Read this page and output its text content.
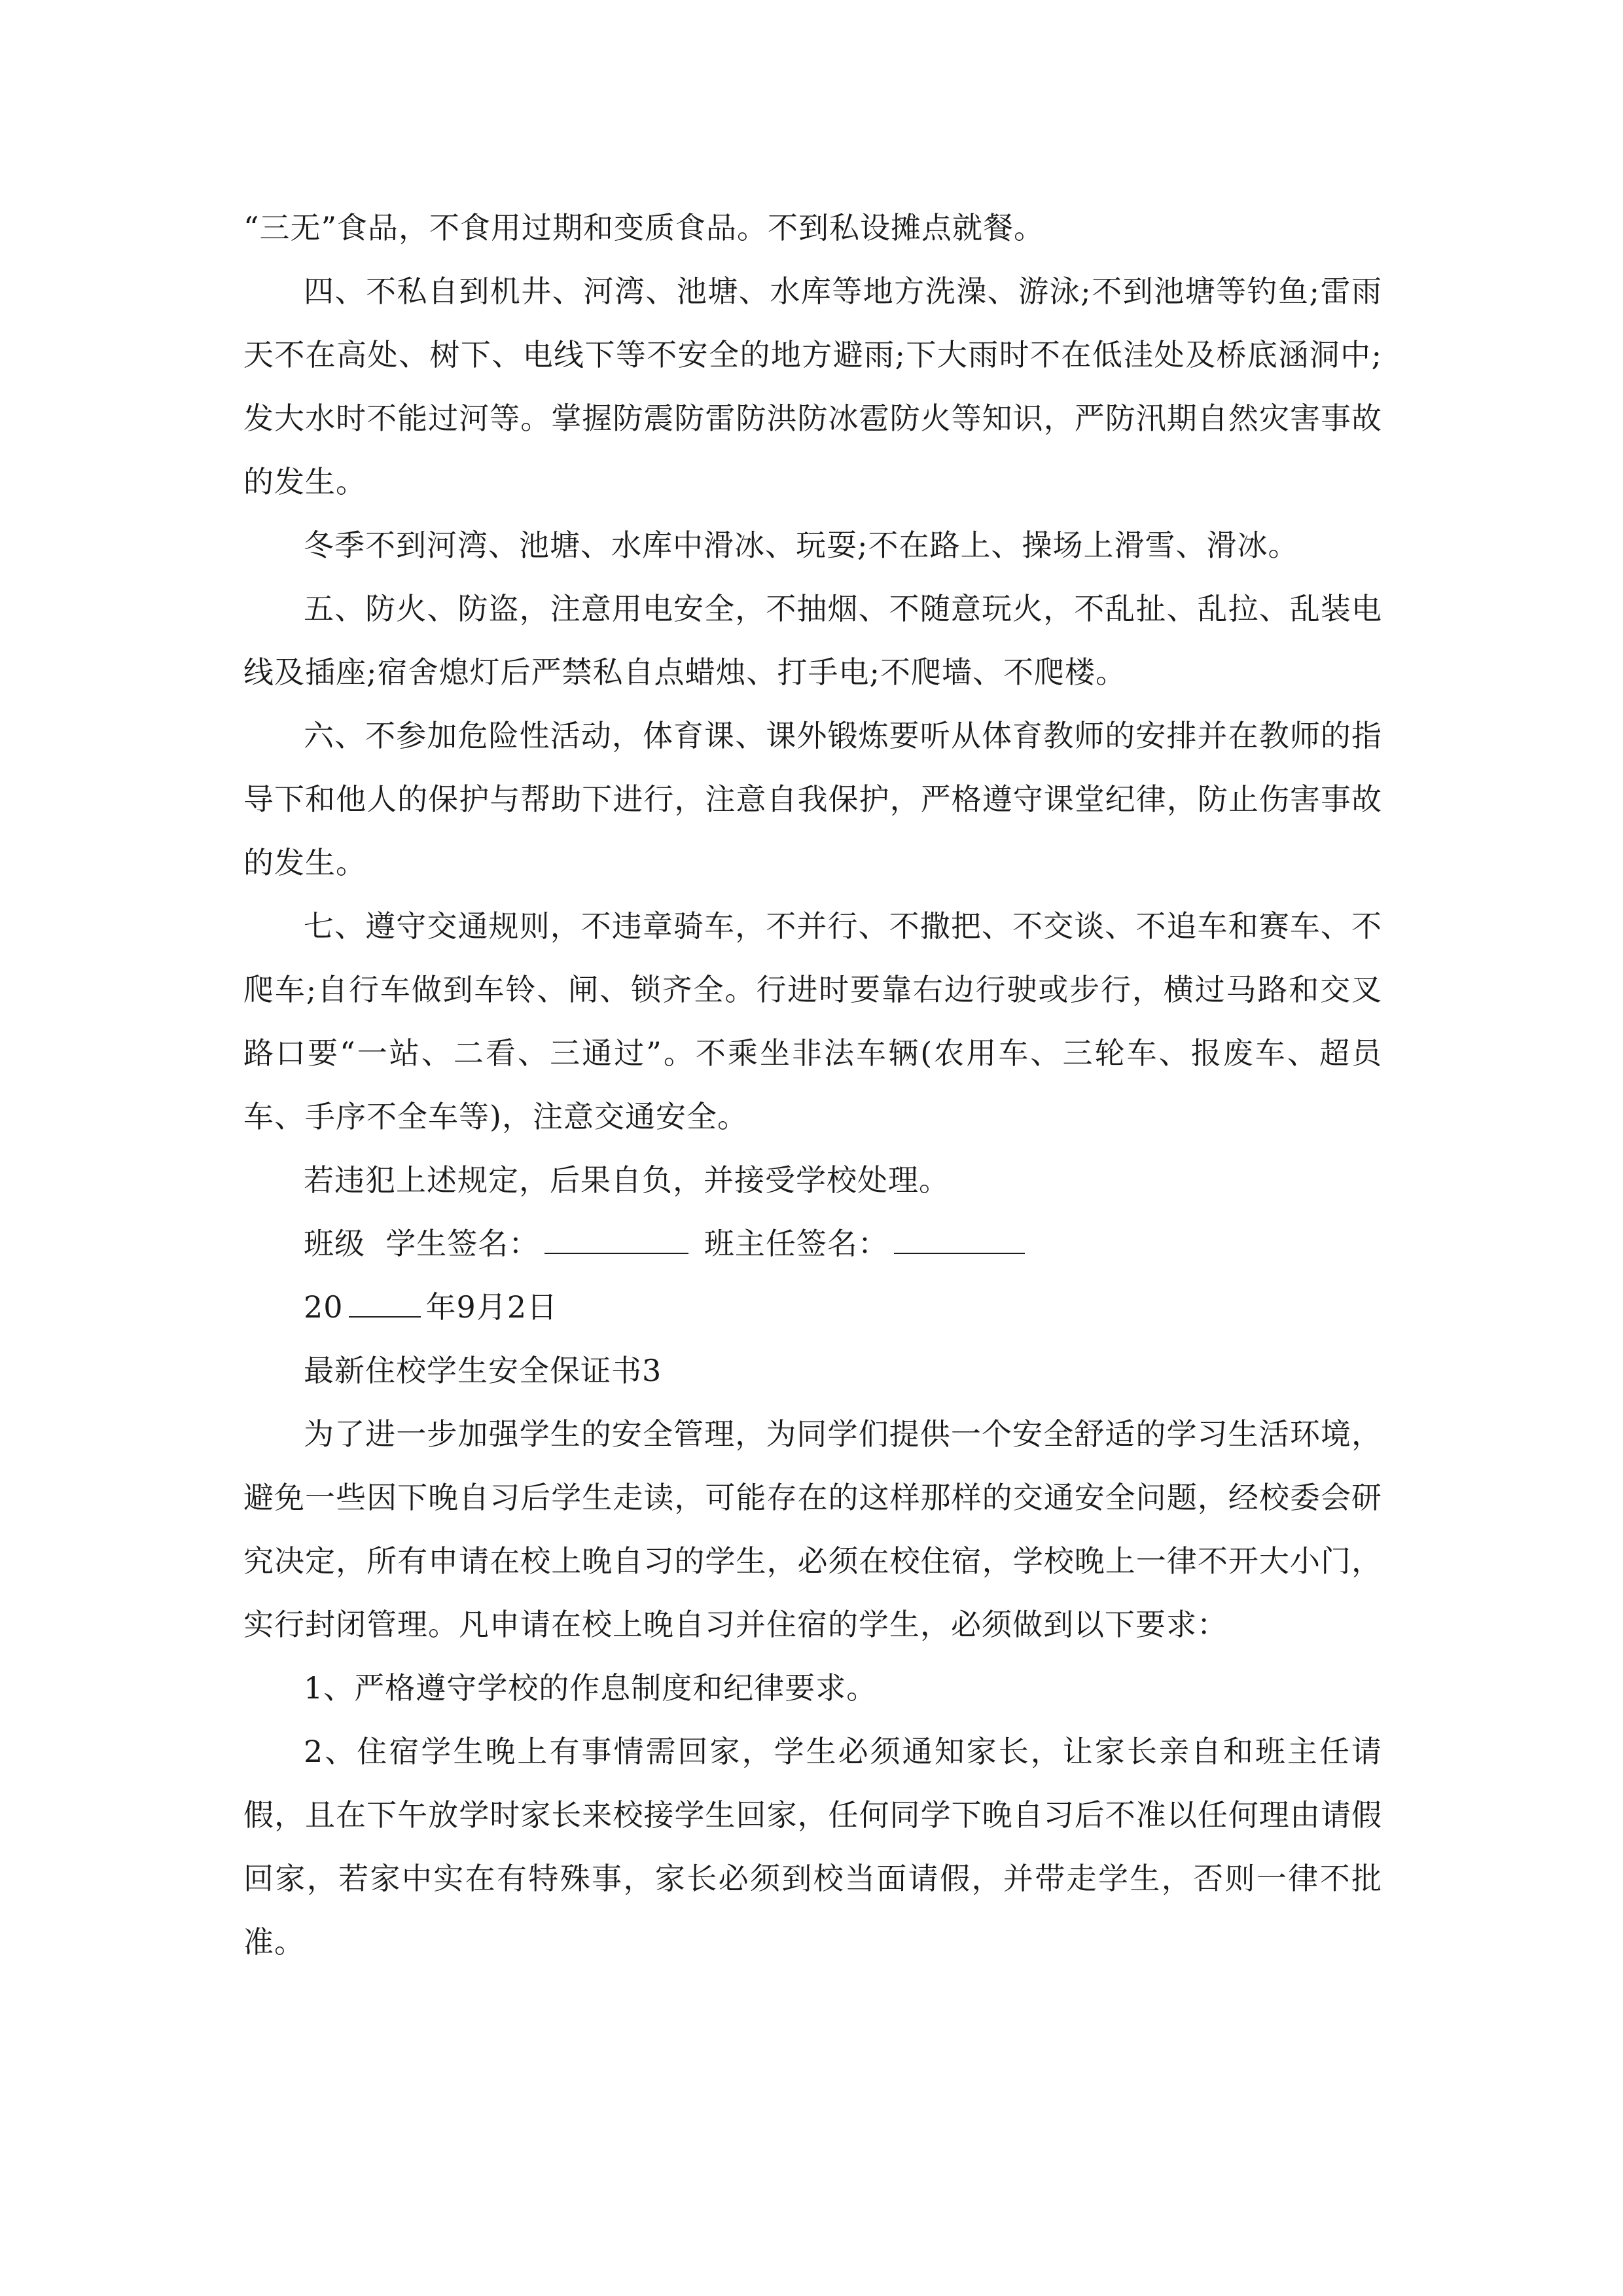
“三无”食品，不食用过期和变质食品。不到私设摊点就餐。

四、不私自到机井、河湾、池塘、水库等地方洗澡、游泳;不到池塘等钓鱼;雷雨天不在高处、树下、电线下等不安全的地方避雨;下大雨时不在低洼处及桥底涵洞中;发大水时不能过河等。掌握防震防雷防洪防冰雹防火等知识，严防汛期自然灾害事故的发生。

冬季不到河湾、池塘、水库中滑冰、玩耍;不在路上、操场上滑雪、滑冰。

五、防火、防盗，注意用电安全，不抽烟、不随意玩火，不乱扯、乱拉、乱装电线及插座;宿舍熄灯后严禁私自点蜡烛、打手电;不爬墙、不爬楼。

六、不参加危险性活动，体育课、课外锻炼要听从体育教师的安排并在教师的指导下和他人的保护与帮助下进行，注意自我保护，严格遵守课堂纪律，防止伤害事故的发生。

七、遵守交通规则，不违章骑车，不并行、不撒把、不交谈、不追车和赛车、不爬车;自行车做到车铃、闸、锁齐全。行进时要靠右边行驶或步行，横过马路和交叉路口要“一站、二看、三通过”。不乘坐非法车辆(农用车、三轮车、报废车、超员车、手序不全车等)，注意交通安全。

若违犯上述规定，后果自负，并接受学校处理。

班级 学生签名：	班主任签名：

20	年9月2日

最新住校学生安全保证书3

为了进一步加强学生的安全管理，为同学们提供一个安全舒适的学习生活环境，避免一些因下晚自习后学生走读，可能存在的这样那样的交通安全问题，经校委会研究决定，所有申请在校上晚自习的学生，必须在校住宿，学校晚上一律不开大小门，实行封闭管理。凡申请在校上晚自习并住宿的学生，必须做到以下要求：

1、严格遵守学校的作息制度和纪律要求。

2、住宿学生晚上有事情需回家，学生必须通知家长，让家长亲自和班主任请假，且在下午放学时家长来校接学生回家，任何同学下晚自习后不准以任何理由请假回家，若家中实在有特殊事，家长必须到校当面请假，并带走学生，否则一律不批准。
